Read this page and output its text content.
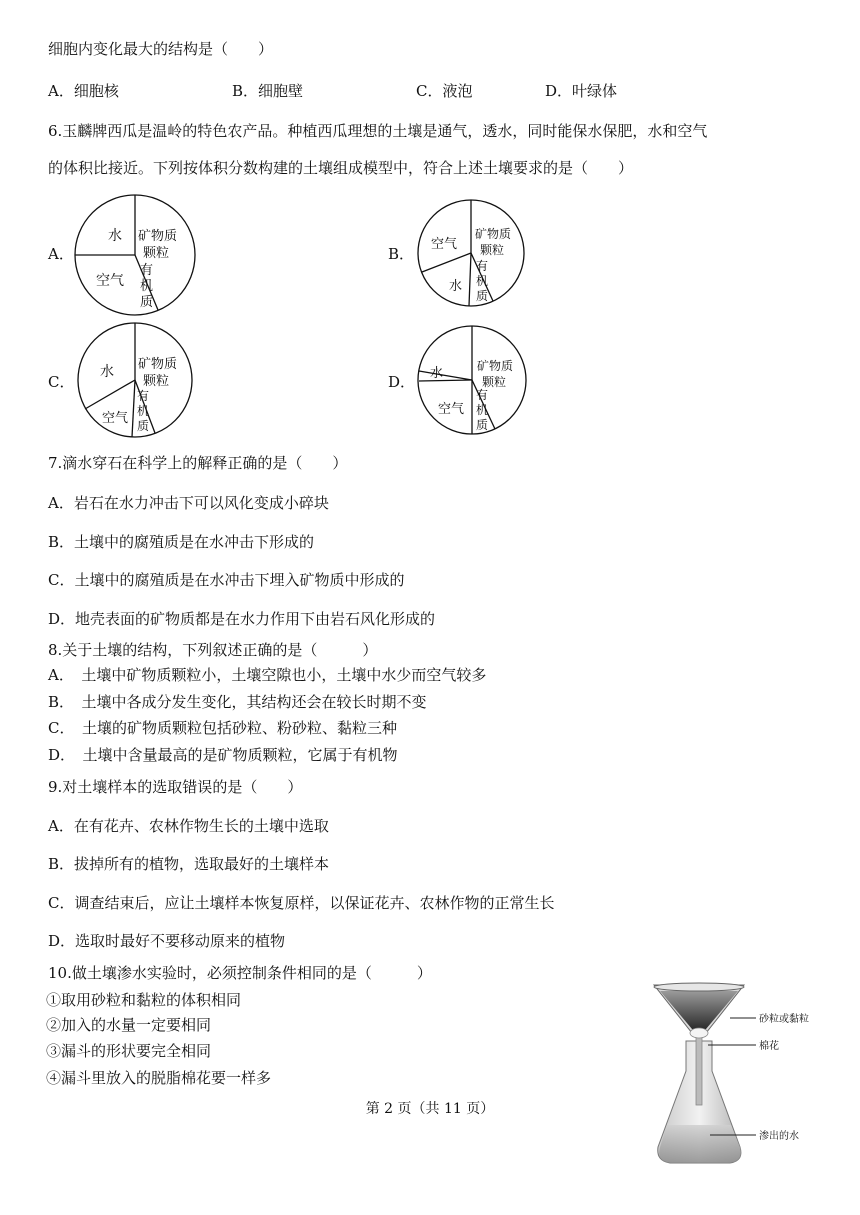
细胞内变化最大的结构是（　　）
A．细胞核	B．细胞壁	C．液泡	D．叶绿体
6.玉麟牌西瓜是温岭的特色农产品。种植西瓜理想的土壤是通气，透水，同时能保水保肥，水和空气
的体积比接近。下列按体积分数构建的土壤组成模型中，符合上述土壤要求的是（　　）
A．
水
空气
矿物质
颗粒
有
机
质
B．
空气
矿物质
颗粒
水
有
机
质
C．
水 矿物质
颗粒
空气
有
机
质
D． 水	矿物质
颗粒
空气
有
机
质
7.滴水穿石在科学上的解释正确的是（　　）
A．岩石在水力冲击下可以风化变成小碎块
B．土壤中的腐殖质是在水冲击下形成的
C．土壤中的腐殖质是在水冲击下埋入矿物质中形成的
D．地壳表面的矿物质都是在水力作用下由岩石风化形成的
8.关于土壤的结构，下列叙述正确的是（　　　）
A．　土壤中矿物质颗粒小，土壤空隙也小，土壤中水少而空气较多
B．　土壤中各成分发生变化，其结构还会在较长时期不变
C．　土壤的矿物质颗粒包括砂粒、粉砂粒、黏粒三种
D．　土壤中含量最高的是矿物质颗粒，它属于有机物
9.对土壤样本的选取错误的是（　　）
A．在有花卉、农林作物生长的土壤中选取
B．拔掉所有的植物，选取最好的土壤样本
C．调查结束后，应让土壤样本恢复原样，以保证花卉、农林作物的正常生长
D．选取时最好不要移动原来的植物
10.做土壤渗水实验时，必须控制条件相同的是（　　　）
①取用砂粒和黏粒的体积相同
②加入的水量一定要相同
③漏斗的形状要完全相同
④漏斗里放入的脱脂棉花要一样多
砂粒或黏粒
棉花
渗出的水
第 2 页（共 11 页）
